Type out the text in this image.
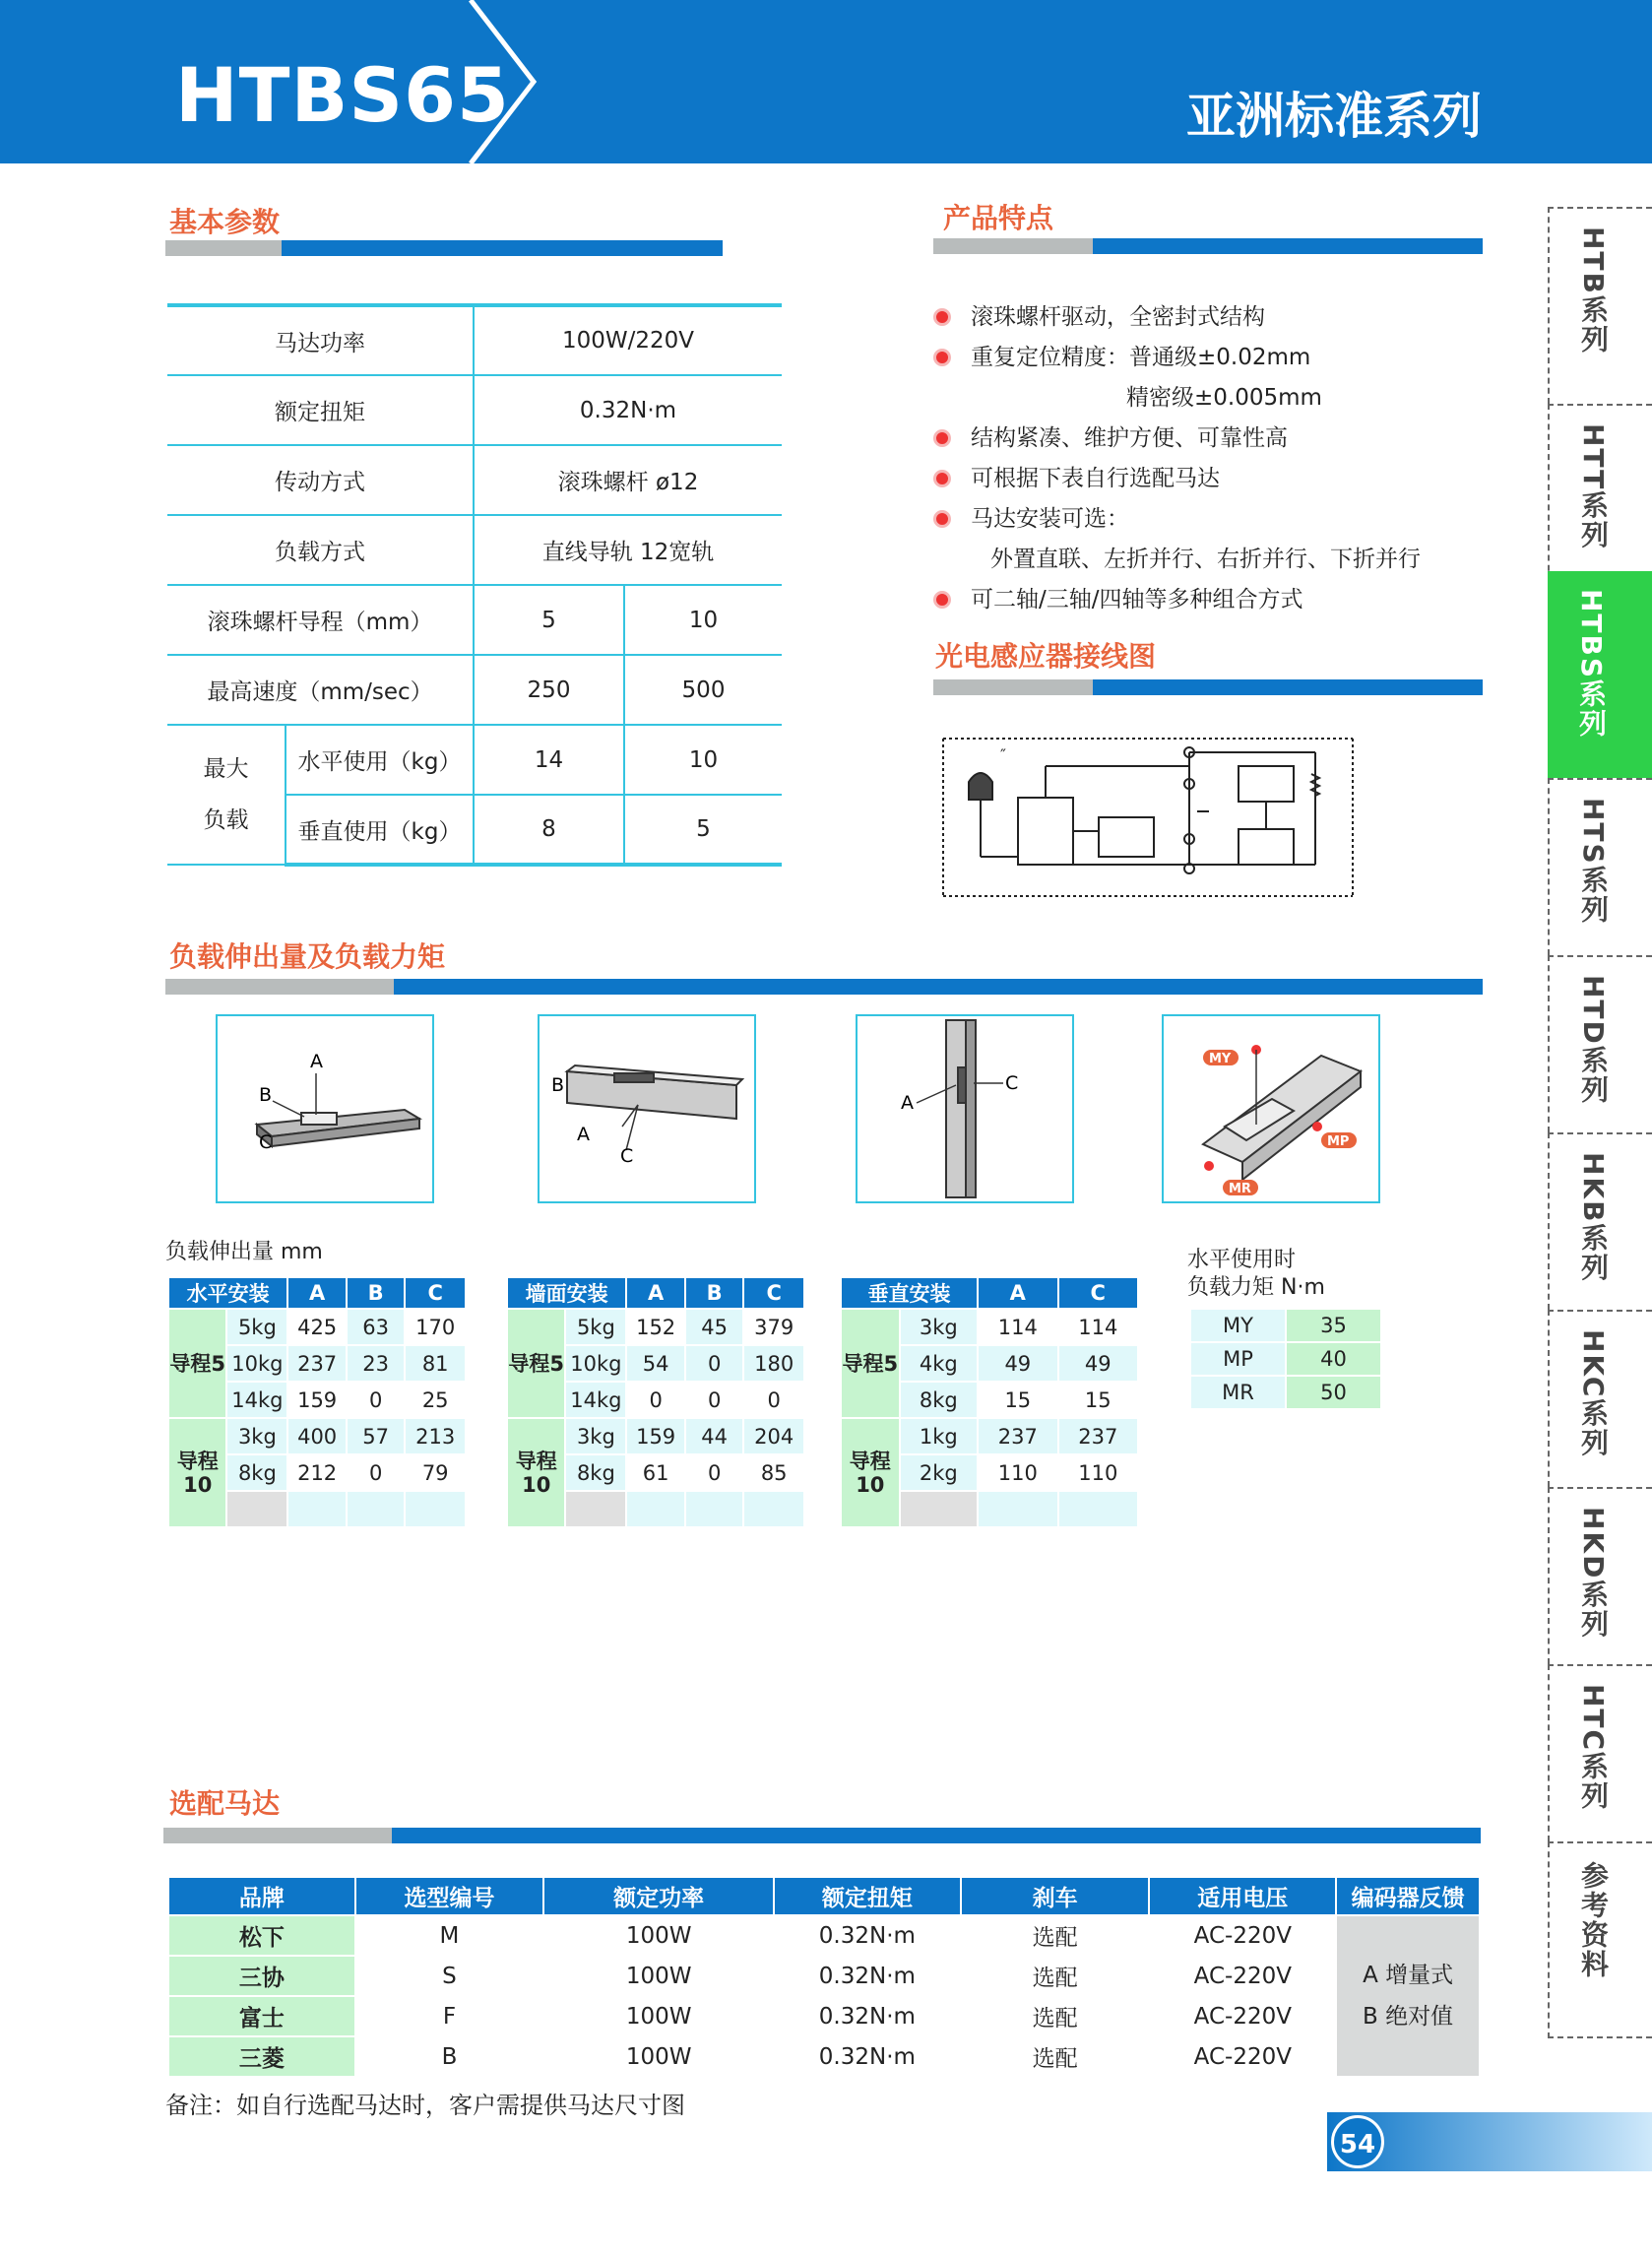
HTBS65	亚洲标准系列
基本参数
马达功率		100W/220V	
额定扭矩		0.32N·m	
传动方式		滚珠螺杆 ø12	
负载方式		直线导轨 12宽轨	
滚珠螺杆导程（mm）		5	10
最高速度（mm/sec）		250	500
最大
负载	水平使用（kg）	14	10
	垂直使用（kg）	8	5
产品特点
滚珠螺杆驱动，全密封式结构
重复定位精度：普通级±0.02mm
精密级±0.005mm
结构紧凑、维护方便、可靠性高
可根据下表自行选配马达
马达安装可选：
外置直联、左折并行、右折并行、下折并行
可二轴/三轴/四轴等多种组合方式
光电感应器接线图
″
负载伸出量及负载力矩
A
B
C
B
A
C
A
C
MY
MP
MR
负载伸出量 mm
水平安装		A	B	C
导程5	5kg	425	63	170
	10kg	237	23	81
	14kg	159	0	25
导程10	3kg	400	57	213
	8kg	212	0	79

墙面安装		A	B	C
导程5	5kg	152	45	379
	10kg	54	0	180
	14kg	0	0	0
导程10	3kg	159	44	204
	8kg	61	0	85

垂直安装		A	C
导程5	3kg	114	114
	4kg	49	49
	8kg	15	15
导程10	1kg	237	237
	2kg	110	110

水平使用时
负载力矩 N·m
MY	35
MP	40
MR	50
选配马达
品牌	选型编号	额定功率	额定扭矩	刹车	适用电压	编码器反馈
松下	M	100W	0.32N·m	选配	AC-220V	A 增量式
B 绝对值
三协	S	100W	0.32N·m	选配	AC-220V	
富士	F	100W	0.32N·m	选配	AC-220V	
三菱	B	100W	0.32N·m	选配	AC-220V	
备注：如自行选配马达时，客户需提供马达尺寸图
HTB系列
HTT系列
HTBS系列
HTS系列
HTD系列
HKB系列
HKC系列
HKD系列
HTC系列
参考资料
54
